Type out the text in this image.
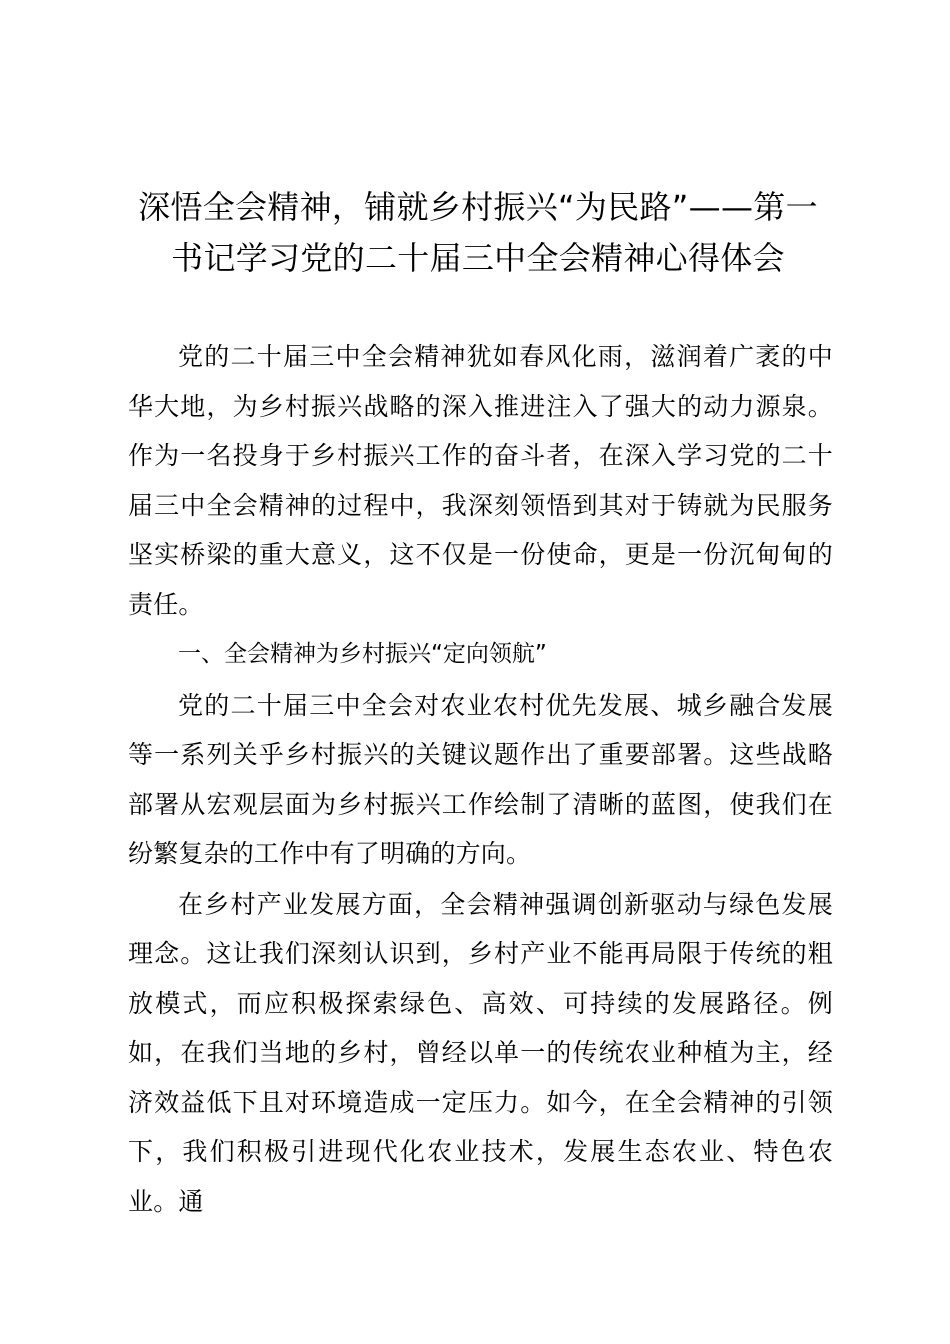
深悟全会精神，铺就乡村振兴“为民路”——第一书记学习党的二十届三中全会精神心得体会

党的二十届三中全会精神犹如春风化雨，滋润着广袤的中华大地，为乡村振兴战略的深入推进注入了强大的动力源泉。作为一名投身于乡村振兴工作的奋斗者，在深入学习党的二十届三中全会精神的过程中，我深刻领悟到其对于铸就为民服务坚实桥梁的重大意义，这不仅是一份使命，更是一份沉甸甸的责任。

一、全会精神为乡村振兴“定向领航”

党的二十届三中全会对农业农村优先发展、城乡融合发展等一系列关乎乡村振兴的关键议题作出了重要部署。这些战略部署从宏观层面为乡村振兴工作绘制了清晰的蓝图，使我们在纷繁复杂的工作中有了明确的方向。

在乡村产业发展方面，全会精神强调创新驱动与绿色发展理念。这让我们深刻认识到，乡村产业不能再局限于传统的粗放模式，而应积极探索绿色、高效、可持续的发展路径。例如，在我们当地的乡村，曾经以单一的传统农业种植为主，经济效益低下且对环境造成一定压力。如今，在全会精神的引领下，我们积极引进现代化农业技术，发展生态农业、特色农业。通
